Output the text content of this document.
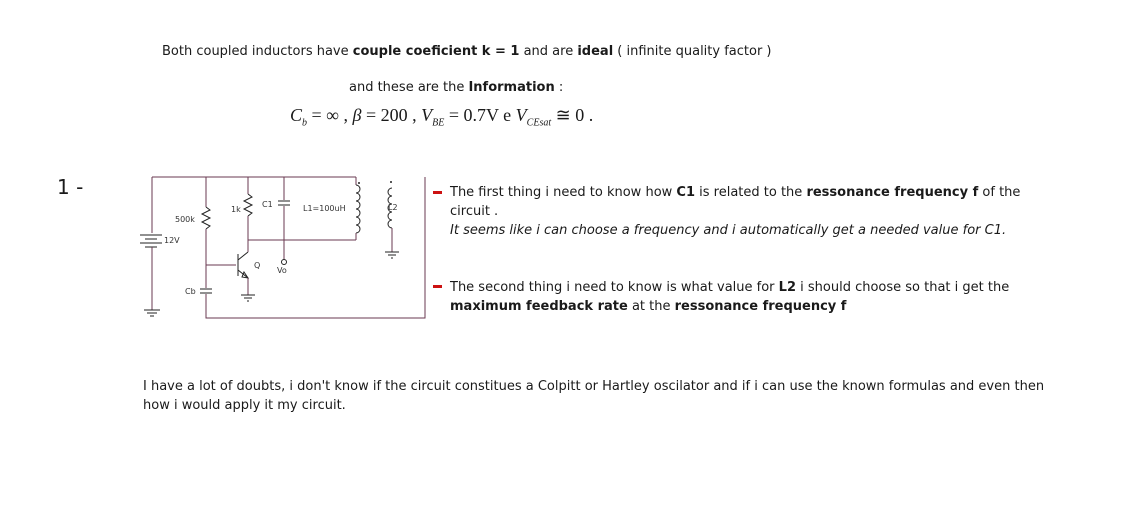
Both coupled inductors have couple coeficient k = 1 and are ideal ( infinite quality factor )
and these are the Information :
$C_b$ = ∞ , β = 200 , $V_{BE} = 0.7V$ e $V_{CEsat}$ ≅ 0 .
1 -
12V
500k
Cb
Q
1k
C1
Vo
L1=100uH	L2
The first thing i need to know how C1 is related to the ressonance frequency f of the
circuit .
It seems like i can choose a frequency and i automatically get a needed value for C1.
The second thing i need to know is what value for L2 i should choose so that i get the
maximum feedback rate at the ressonance frequency f
I have a lot of doubts, i don't know if the circuit constitues a Colpitt or Hartley oscilator and if i can use the known formulas and even then
how i would apply it my circuit.
